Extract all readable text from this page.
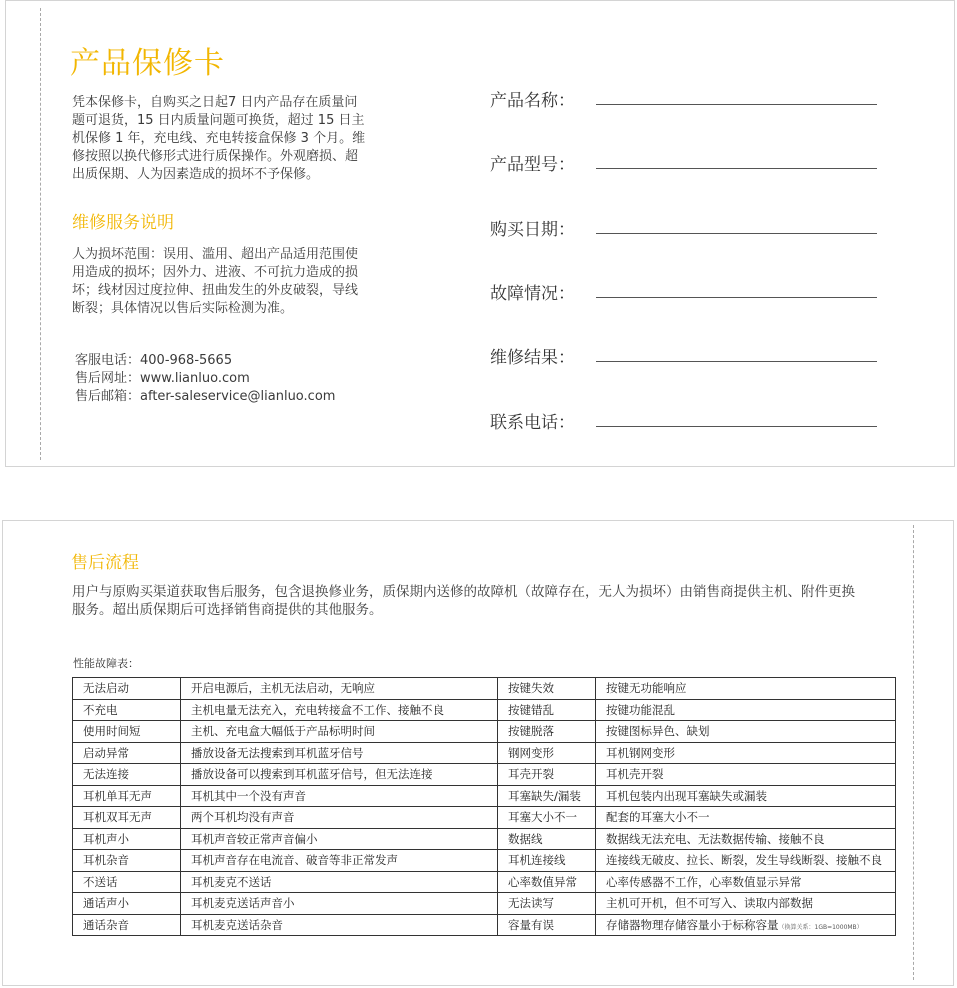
产品保修卡
凭本保修卡，自购买之日起7 日内产品存在质量问
题可退货，15 日内质量问题可换货，超过 15 日主
机保修 1 年，充电线、充电转接盒保修 3 个月。维
修按照以换代修形式进行质保操作。外观磨损、超
出质保期、人为因素造成的损坏不予保修。
维修服务说明
人为损坏范围：误用、滥用、超出产品适用范围使
用造成的损坏；因外力、进液、不可抗力造成的损
坏；线材因过度拉伸、扭曲发生的外皮破裂，导线
断裂；具体情况以售后实际检测为准。
客服电话：400-968-5665
售后网址：www.lianluo.com
售后邮箱：after-saleservice@lianluo.com
产品名称：
产品型号：
购买日期：
故障情况：
维修结果：
联系电话：
售后流程
用户与原购买渠道获取售后服务，包含退换修业务，质保期内送修的故障机（故障存在，无人为损坏）由销售商提供主机、附件更换
服务。超出质保期后可选择销售商提供的其他服务。
性能故障表：
无法启动	开启电源后，主机无法启动，无响应	按键失效	按键无功能响应
不充电	主机电量无法充入，充电转接盒不工作、接触不良	按键错乱	按键功能混乱
使用时间短	主机、充电盒大幅低于产品标明时间	按键脱落	按键图标异色、缺划
启动异常	播放设备无法搜索到耳机蓝牙信号	钢网变形	耳机钢网变形
无法连接	播放设备可以搜索到耳机蓝牙信号，但无法连接	耳壳开裂	耳机壳开裂
耳机单耳无声	耳机其中一个没有声音	耳塞缺失/漏装	耳机包装内出现耳塞缺失或漏装
耳机双耳无声	两个耳机均没有声音	耳塞大小不一	配套的耳塞大小不一
耳机声小	耳机声音较正常声音偏小	数据线	数据线无法充电、无法数据传输、接触不良
耳机杂音	耳机声音存在电流音、破音等非正常发声	耳机连接线	连接线无破皮、拉长、断裂，发生导线断裂、接触不良
不送话	耳机麦克不送话	心率数值异常	心率传感器不工作，心率数值显示异常
通话声小	耳机麦克送话声音小	无法读写	主机可开机，但不可写入、读取内部数据
通话杂音	耳机麦克送话杂音	容量有误	存储器物理存储容量小于标称容量（换算关系：1GB=1000MB）
